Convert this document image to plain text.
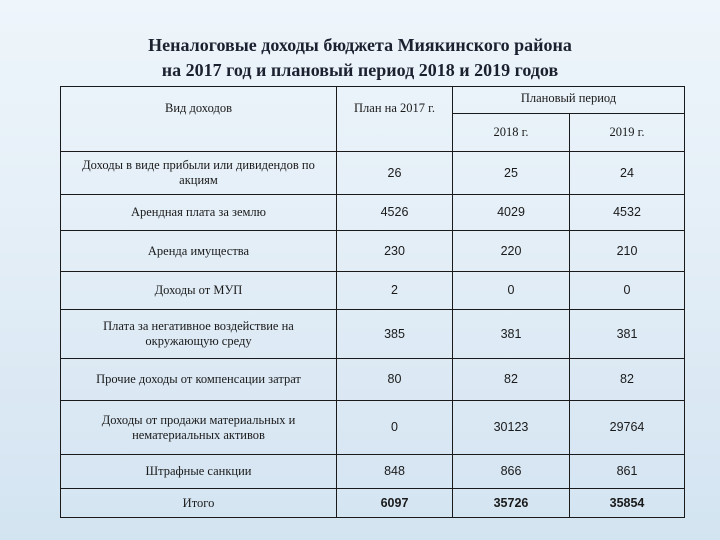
Неналоговые доходы бюджета Миякинского района
на 2017 год и плановый период 2018 и 2019 годов
Вид доходов	План на 2017 г.	Плановый период	
		2018 г.	2019 г.
Доходы в виде прибыли или дивидендов по акциям	26	25	24
Арендная плата за землю	4526	4029	4532
Аренда имущества	230	220	210
Доходы от МУП	2	0	0
Плата за негативное воздействие на окружающую среду	385	381	381
Прочие доходы от компенсации затрат	80	82	82
Доходы от продажи материальных и нематериальных активов	0	30123	29764
Штрафные санкции	848	866	861
Итого	6097	35726	35854
